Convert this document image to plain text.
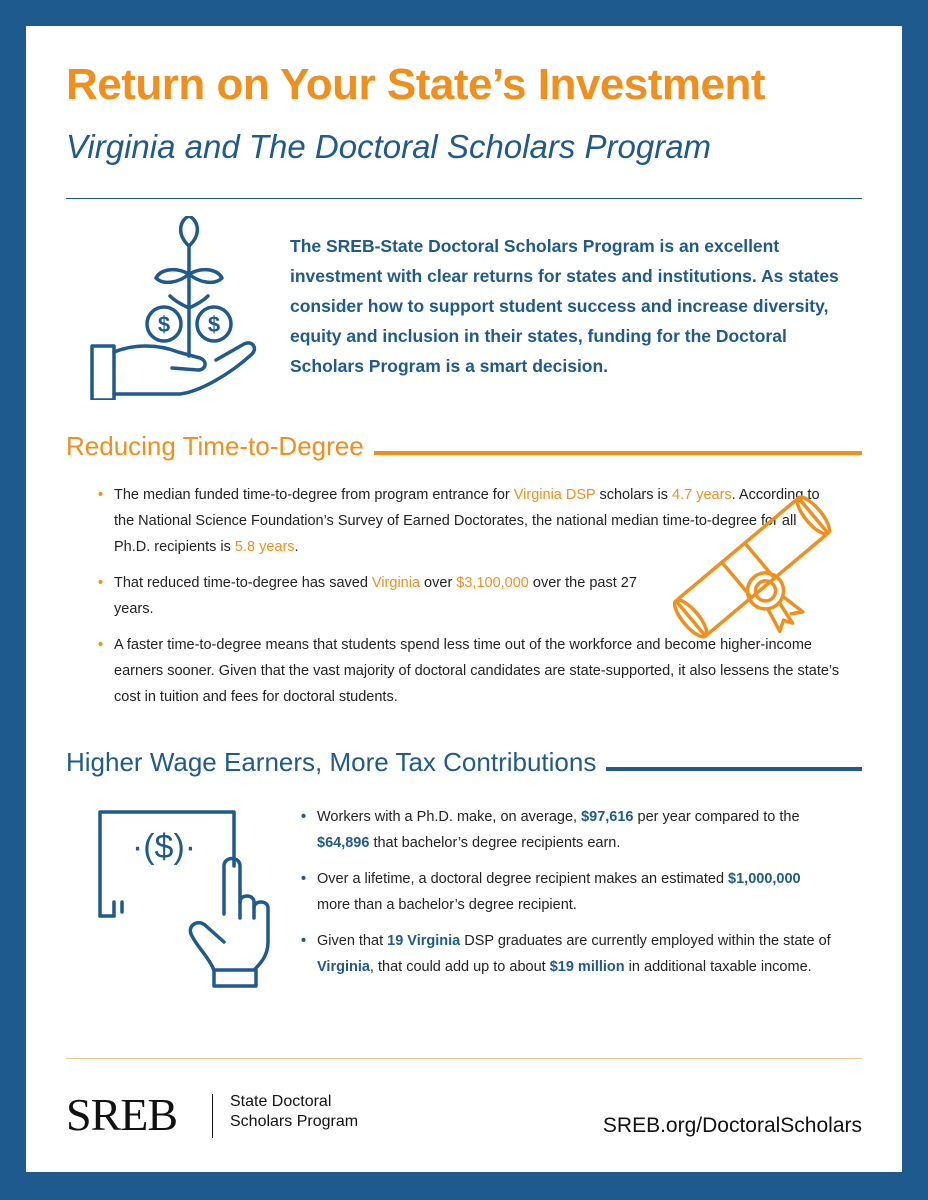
Return on Your State’s Investment
Virginia and The Doctoral Scholars Program
$ $
The SREB-State Doctoral Scholars Program is an excellent investment with clear returns for states and institutions. As states consider how to support student success and increase diversity, equity and inclusion in their states, funding for the Doctoral Scholars Program is a smart decision.
Reducing Time-to-Degree
• The median funded time-to-degree from program entrance for Virginia DSP scholars is 4.7 years. According to the National Science Foundation’s Survey of Earned Doctorates, the national median time-to-degree for all Ph.D. recipients is 5.8 years.
• That reduced time-to-degree has saved Virginia over $3,100,000 over the past 27 years.
• A faster time-to-degree means that students spend less time out of the workforce and become higher-income earners sooner. Given that the vast majority of doctoral candidates are state-supported, it also lessens the state’s cost in tuition and fees for doctoral students.
Higher Wage Earners, More Tax Contributions
·($)·
• Workers with a Ph.D. make, on average, $97,616 per year compared to the $64,896 that bachelor’s degree recipients earn.
• Over a lifetime, a doctoral degree recipient makes an estimated $1,000,000 more than a bachelor’s degree recipient.
• Given that 19 Virginia DSP graduates are currently employed within the state of Virginia, that could add up to about $19 million in additional taxable income.
SREB	State Doctoral
Scholars Program	SREB.org/DoctoralScholars
